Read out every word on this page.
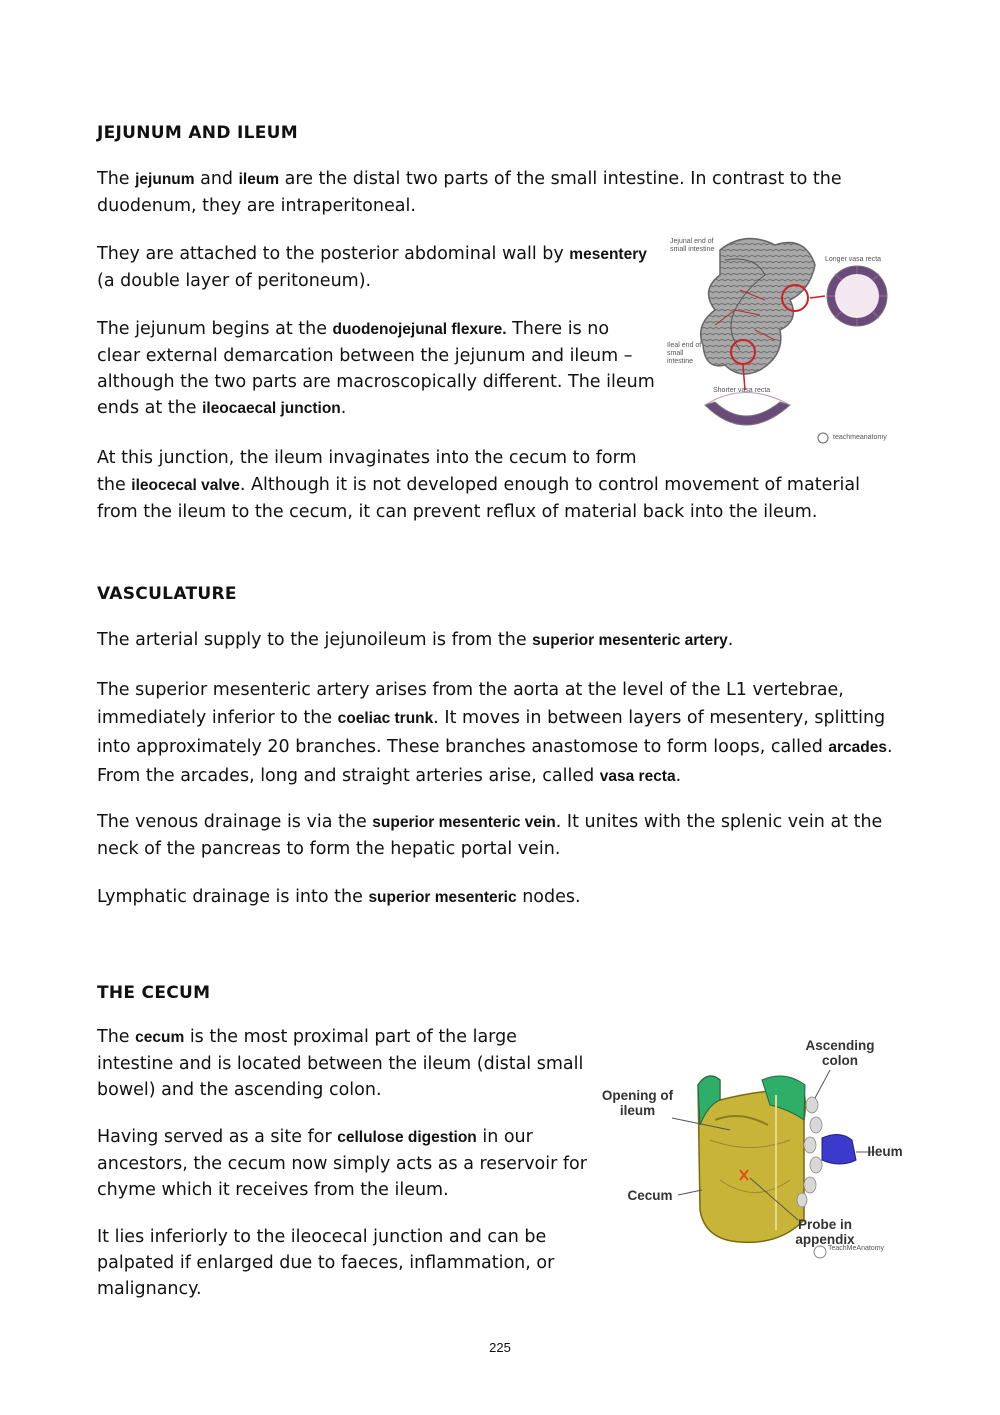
JEJUNUM AND ILEUM
The jejunum and ileum are the distal two parts of the small intestine. In contrast to the duodenum, they are intraperitoneal.
They are attached to the posterior abdominal wall by mesentery (a double layer of peritoneum).
The jejunum begins at the duodenojejunal flexure. There is no clear external demarcation between the jejunum and ileum – although the two parts are macroscopically different. The ileum ends at the ileocaecal junction.
At this junction, the ileum invaginates into the cecum to form
the ileocecal valve. Although it is not developed enough to control movement of material from the ileum to the cecum, it can prevent reflux of material back into the ileum.
Jejunal end of small intestine
Longer vasa recta
Ileal end of small intestine
Shorter vasa recta
teachmeanatomy
VASCULATURE
The arterial supply to the jejunoileum is from the superior mesenteric artery.
The superior mesenteric artery arises from the aorta at the level of the L1 vertebrae, immediately inferior to the coeliac trunk. It moves in between layers of mesentery, splitting into approximately 20 branches. These branches anastomose to form loops, called arcades. From the arcades, long and straight arteries arise, called vasa recta.
The venous drainage is via the superior mesenteric vein. It unites with the splenic vein at the neck of the pancreas to form the hepatic portal vein.
Lymphatic drainage is into the superior mesenteric nodes.
THE CECUM
The cecum is the most proximal part of the large intestine and is located between the ileum (distal small bowel) and the ascending colon.
Having served as a site for cellulose digestion in our ancestors, the cecum now simply acts as a reservoir for chyme which it receives from the ileum.
It lies inferiorly to the ileocecal junction and can be palpated if enlarged due to faeces, inflammation, or malignancy.
Ascending colon
Opening of ileum
Ileum
Cecum
Probe in appendix
TeachMeAnatomy
225
